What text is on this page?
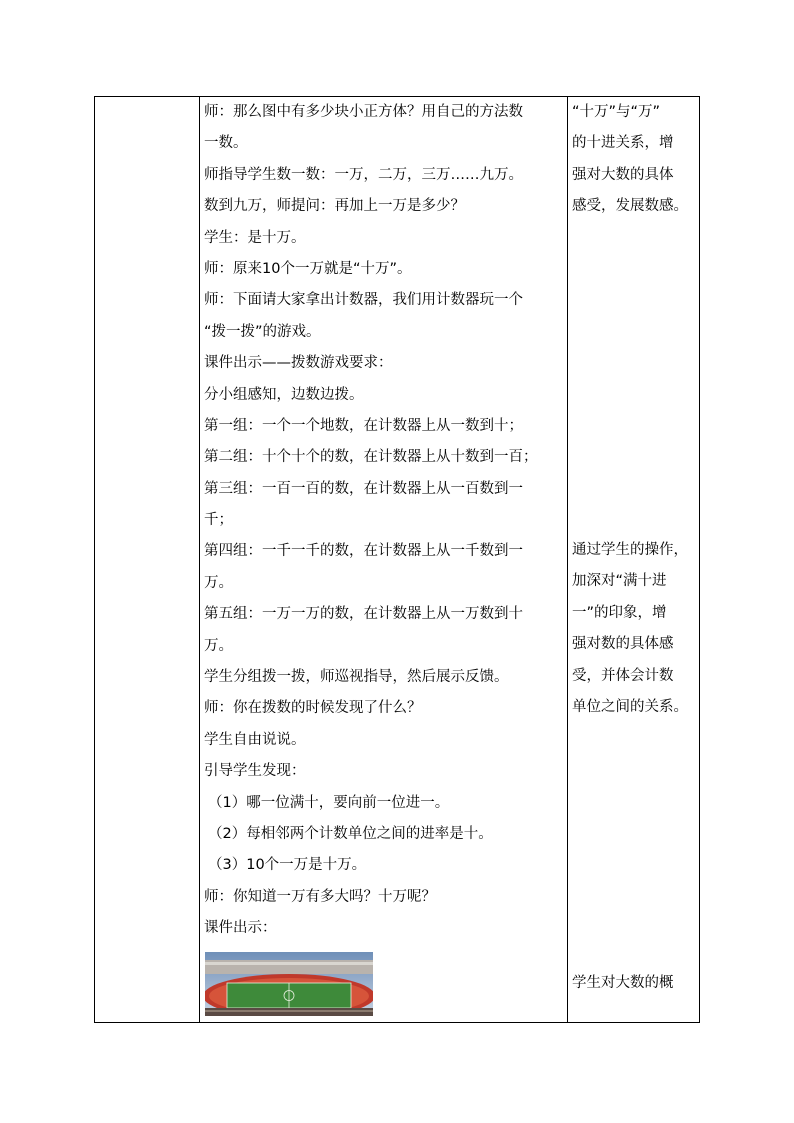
师：那么图中有多少块小正方体？用自己的方法数
一数。
师指导学生数一数：一万，二万，三万……九万。
数到九万，师提问：再加上一万是多少？
学生：是十万。
师：原来10个一万就是“十万”。
师：下面请大家拿出计数器，我们用计数器玩一个
“拨一拨”的游戏。
课件出示——拨数游戏要求：
分小组感知，边数边拨。
第一组：一个一个地数，在计数器上从一数到十；
第二组：十个十个的数，在计数器上从十数到一百；
第三组：一百一百的数，在计数器上从一百数到一
千；
第四组：一千一千的数，在计数器上从一千数到一
万。
第五组：一万一万的数，在计数器上从一万数到十
万。
学生分组拨一拨，师巡视指导，然后展示反馈。
师：你在拨数的时候发现了什么？
学生自由说说。
引导学生发现：
（1）哪一位满十，要向前一位进一。
（2）每相邻两个计数单位之间的进率是十。
（3）10个一万是十万。
师：你知道一万有多大吗？十万呢？
课件出示：
“十万”与“万”
的十进关系，增
强对大数的具体
感受，发展数感。
通过学生的操作，
加深对“满十进
一”的印象，增
强对数的具体感
受，并体会计数
单位之间的关系。
学生对大数的概
